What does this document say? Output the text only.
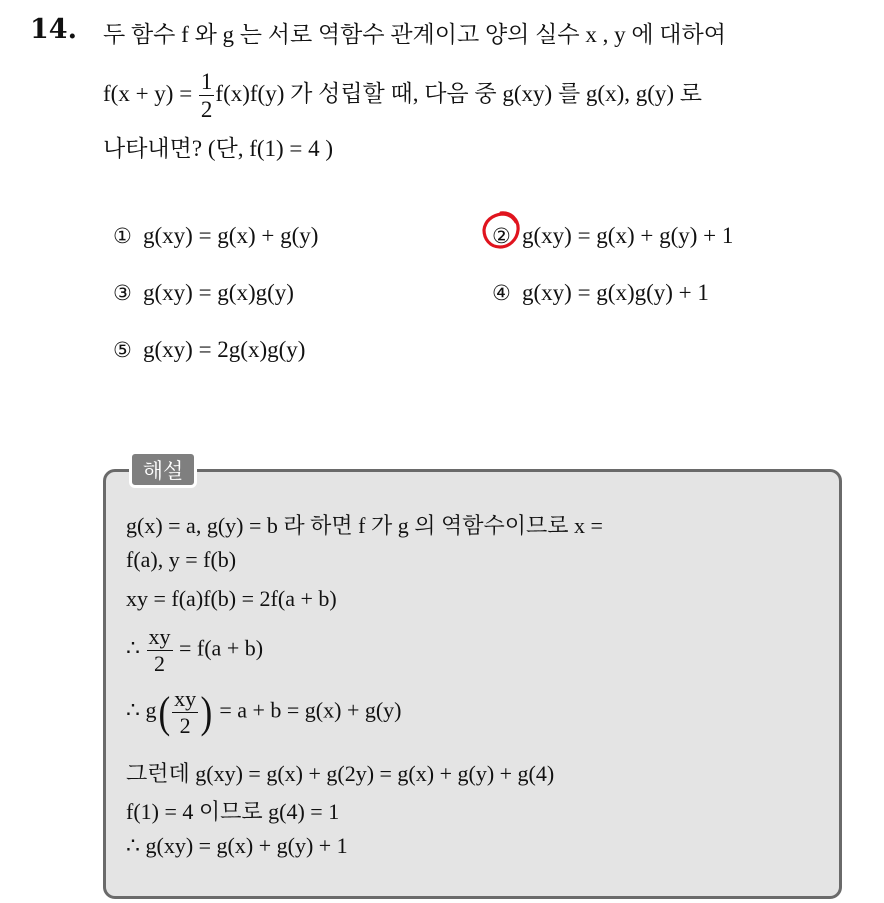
14. 두 함수 f 와 g 는 서로 역함수 관계이고 양의 실수 x , y 에 대하여
$f(x + y) = \frac{1}{2} f(x)f(y)$ 가 성립할 때, 다음 중 g(xy) 를 g(x), g(y) 로
나타내면? (단, f(1) = 4 )
① g(xy) = g(x) + g(y)	② g(xy) = g(x) + g(y) + 1
③ g(xy) = g(x)g(y)	④ g(xy) = g(x)g(y) + 1
⑤ g(xy) = 2g(x)g(y)
해설
g(x) = a, g(y) = b 라 하면 f 가 g 의 역함수이므로 x =
f(a), y = f(b)
xy = f(a)f(b) = 2f(a + b)
∴ $\frac{xy}{2} = f(a + b)$
∴ $g( \frac{xy}{2}$ ) = a + b = g(x) + g(y)
그런데 g(xy) = g(x) + g(2y) = g(x) + g(y) + g(4)
f(1) = 4 이므로 g(4) = 1
∴ g(xy) = g(x) + g(y) + 1
